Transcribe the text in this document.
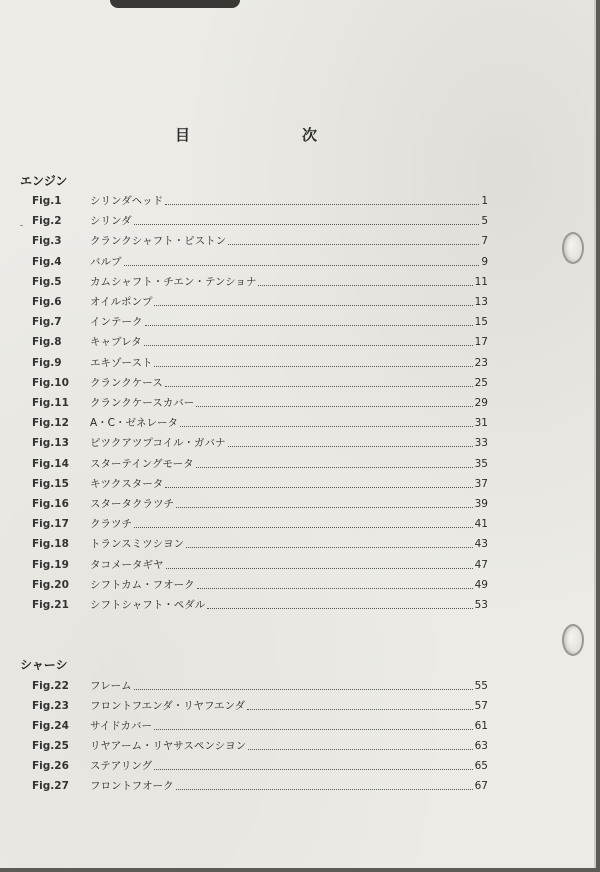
目	次
エンジン
Fig.1	シリンダヘッド	1
Fig.2	シリンダ	5
Fig.3	クランクシャフト・ピストン	7
Fig.4	バルブ	9
Fig.5	カムシャフト・チエン・テンショナ	11
Fig.6	オイルポンプ	13
Fig.7	インテーク	15
Fig.8	キャブレタ	17
Fig.9	エキゾースト	23
Fig.10	クランクケース	25
Fig.11	クランクケースカバー	29
Fig.12	A・C・ゼネレータ	31
Fig.13	ピツクアツプコイル・ガバナ	33
Fig.14	スターテイングモータ	35
Fig.15	キツクスタータ	37
Fig.16	スタータクラツチ	39
Fig.17	クラツチ	41
Fig.18	トランスミツシヨン	43
Fig.19	タコメータギヤ	47
Fig.20	シフトカム・フオーク	49
Fig.21	シフトシャフト・ペダル	53
シャーシ
Fig.22	フレーム	55
Fig.23	フロントフエンダ・リヤフエンダ	57
Fig.24	サイドカバー	61
Fig.25	リヤアーム・リヤサスペンシヨン	63
Fig.26	ステアリング	65
Fig.27	フロントフオーク	67
